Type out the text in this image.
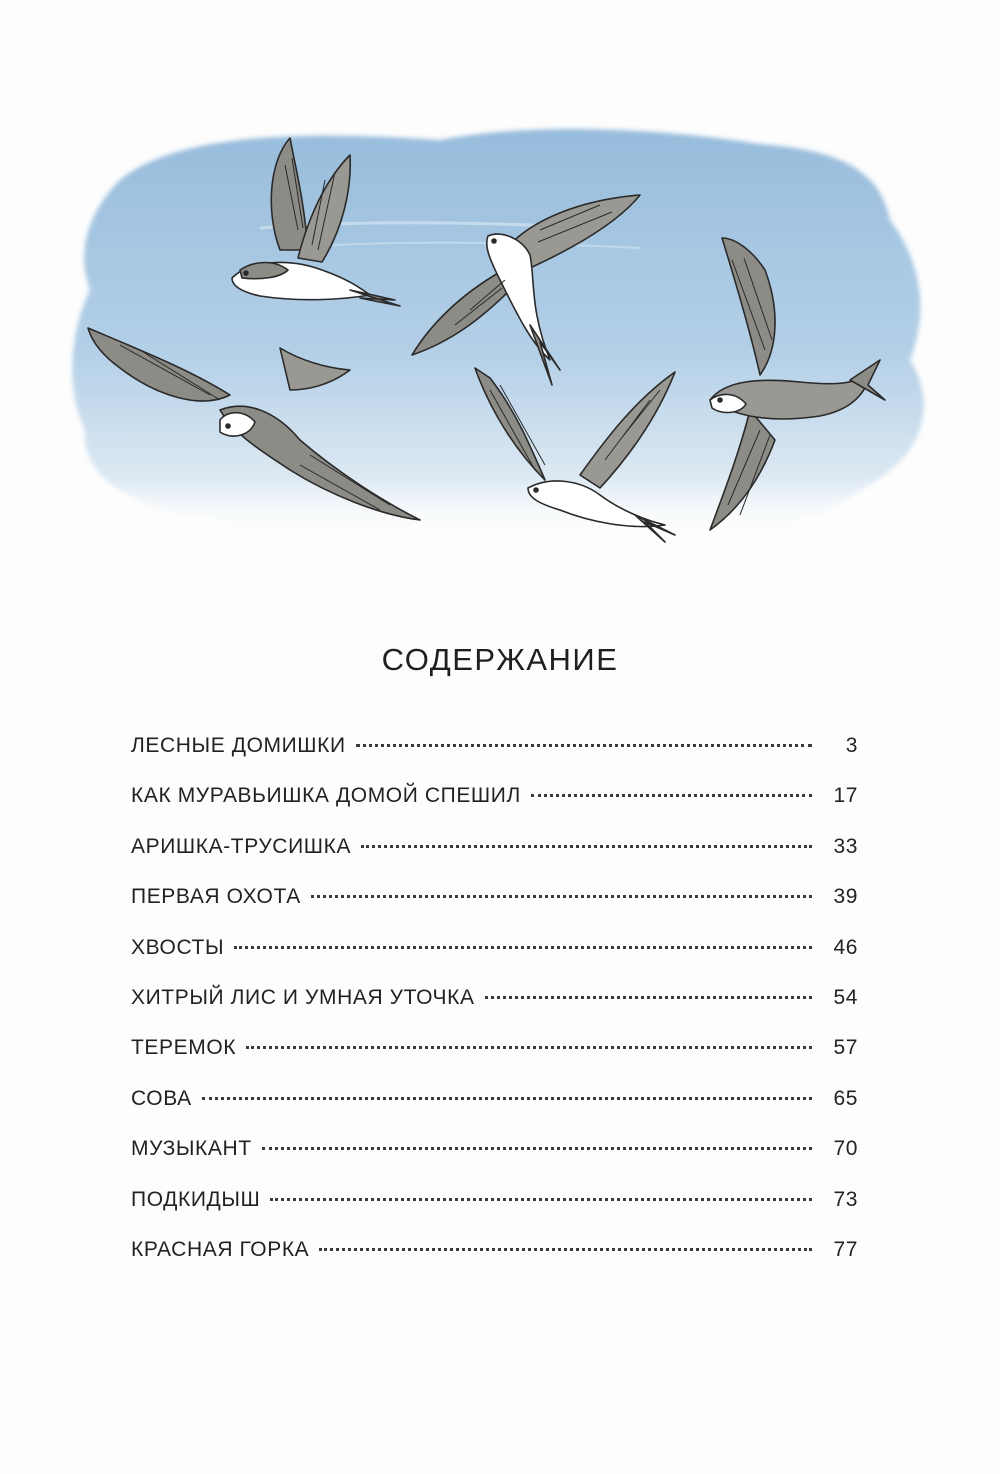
СОДЕРЖАНИЕ
ЛЕСНЫЕ ДОМИШКИ	3
КАК МУРАВЬИШКА ДОМОЙ СПЕШИЛ	17
АРИШКА-ТРУСИШКА	33
ПЕРВАЯ ОХОТА	39
ХВОСТЫ	46
ХИТРЫЙ ЛИС И УМНАЯ УТОЧКА	54
ТЕРЕМОК	57
СОВА	65
МУЗЫКАНТ	70
ПОДКИДЫШ	73
КРАСНАЯ ГОРКА	77
